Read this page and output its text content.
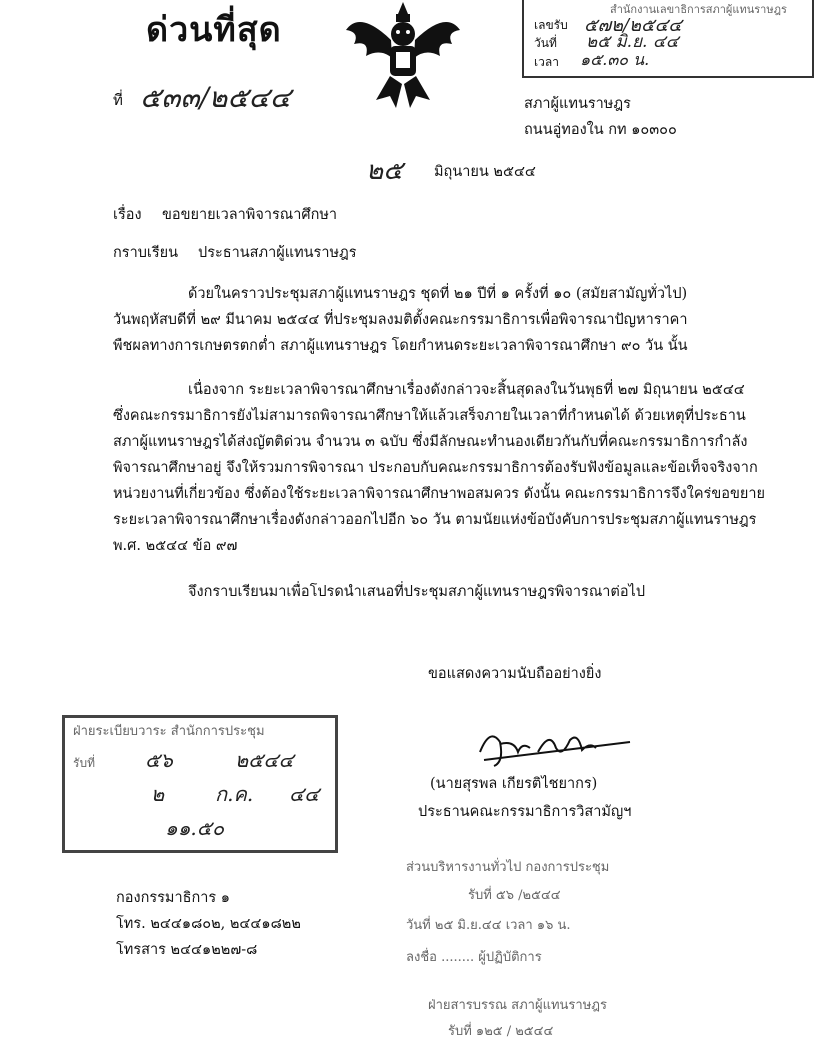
ด่วนที่สุด
สำนักงานเลขาธิการสภาผู้แทนราษฎร
เลขรับ ๕๗๒/๒๕๔๔
วันที่ ๒๕ มิ.ย. ๔๔
เวลา ๑๕.๓๐ น.
ที่ ๕๓๓/๒๕๔๔	สภาผู้แทนราษฎร
ถนนอู่ทองใน กท ๑๐๓๐๐
๒๕ มิถุนายน ๒๕๔๔
เรื่อง ขอขยายเวลาพิจารณาศึกษา
กราบเรียน ประธานสภาผู้แทนราษฎร
ด้วยในคราวประชุมสภาผู้แทนราษฎร ชุดที่ ๒๑ ปีที่ ๑ ครั้งที่ ๑๐ (สมัยสามัญทั่วไป)
วันพฤหัสบดีที่ ๒๙ มีนาคม ๒๕๔๔ ที่ประชุมลงมติตั้งคณะกรรมาธิการเพื่อพิจารณาปัญหาราคา
พืชผลทางการเกษตรตกต่ำ สภาผู้แทนราษฎร โดยกำหนดระยะเวลาพิจารณาศึกษา ๙๐ วัน นั้น
เนื่องจาก ระยะเวลาพิจารณาศึกษาเรื่องดังกล่าวจะสิ้นสุดลงในวันพุธที่ ๒๗ มิถุนายน ๒๕๔๔
ซึ่งคณะกรรมาธิการยังไม่สามารถพิจารณาศึกษาให้แล้วเสร็จภายในเวลาที่กำหนดได้ ด้วยเหตุที่ประธาน
สภาผู้แทนราษฎรได้ส่งญัตติด่วน จำนวน ๓ ฉบับ ซึ่งมีลักษณะทำนองเดียวกันกับที่คณะกรรมาธิการกำลัง
พิจารณาศึกษาอยู่ จึงให้รวมการพิจารณา ประกอบกับคณะกรรมาธิการต้องรับฟังข้อมูลและข้อเท็จจริงจาก
หน่วยงานที่เกี่ยวข้อง ซึ่งต้องใช้ระยะเวลาพิจารณาศึกษาพอสมควร ดังนั้น คณะกรรมาธิการจึงใคร่ขอขยาย
ระยะเวลาพิจารณาศึกษาเรื่องดังกล่าวออกไปอีก ๖๐ วัน ตามนัยแห่งข้อบังคับการประชุมสภาผู้แทนราษฎร
พ.ศ. ๒๕๔๔ ข้อ ๙๗
จึงกราบเรียนมาเพื่อโปรดนำเสนอที่ประชุมสภาผู้แทนราษฎรพิจารณาต่อไป
ขอแสดงความนับถืออย่างยิ่ง
(นายสุรพล เกียรติไชยากร)
ประธานคณะกรรมาธิการวิสามัญฯ
ฝ่ายระเบียบวาระ สำนักการประชุม
รับที่	๕๖	๒๕๔๔
๒	ก.ค. ๔๔
๑๑.๕๐
กองกรรมาธิการ ๑
โทร. ๒๔๔๑๘๐๒, ๒๔๔๑๘๒๒
โทรสาร ๒๔๔๑๒๒๗-๘
ส่วนบริหารงานทั่วไป กองการประชุม
รับที่ ๕๖ /๒๕๔๔
วันที่ ๒๕ มิ.ย.๔๔ เวลา ๑๖ น.
ลงชื่อ ........ ผู้ปฏิบัติการ
ฝ่ายสารบรรณ สภาผู้แทนราษฎร
รับที่ ๑๒๕ / ๒๕๔๔
